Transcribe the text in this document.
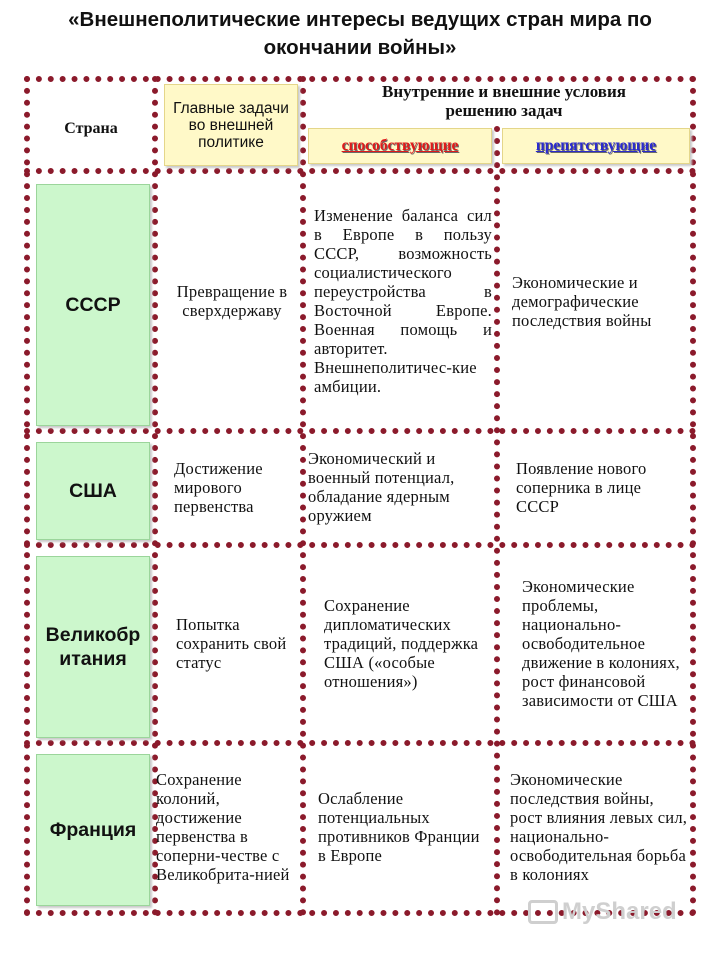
«Внешнеполитические интересы ведущих стран мира по
окончании войны»
Страна
Главные задачи во внешней политике
Внутренние и внешние условия решению задач
способствующие	препятствующие
СССР
Превращение в сверхдержаву
Изменение баланса сил в Европе в пользу СССР, возможность социалистического переустройства в Восточной Европе. Военная помощь и авторитет. Внешнеполитичес-кие амбиции.
Экономические и демографические последствия войны
США
Достижение мирового первенства
Экономический и военный потенциал, обладание ядерным оружием
Появление нового соперника в лице СССР
Великобритания
Попытка сохранить свой статус
Сохранение дипломатических традиций, поддержка США («особые отношения»)
Экономические проблемы, национально-освободительное движение в колониях, рост финансовой зависимости от США
Франция
Сохранение колоний, достижение первенства в соперни-честве с Великобрита-нией
Ослабление потенциальных противников Франции в Европе
Экономические последствия войны, рост влияния левых сил, национально-освободительная борьба в колониях
MyShared
